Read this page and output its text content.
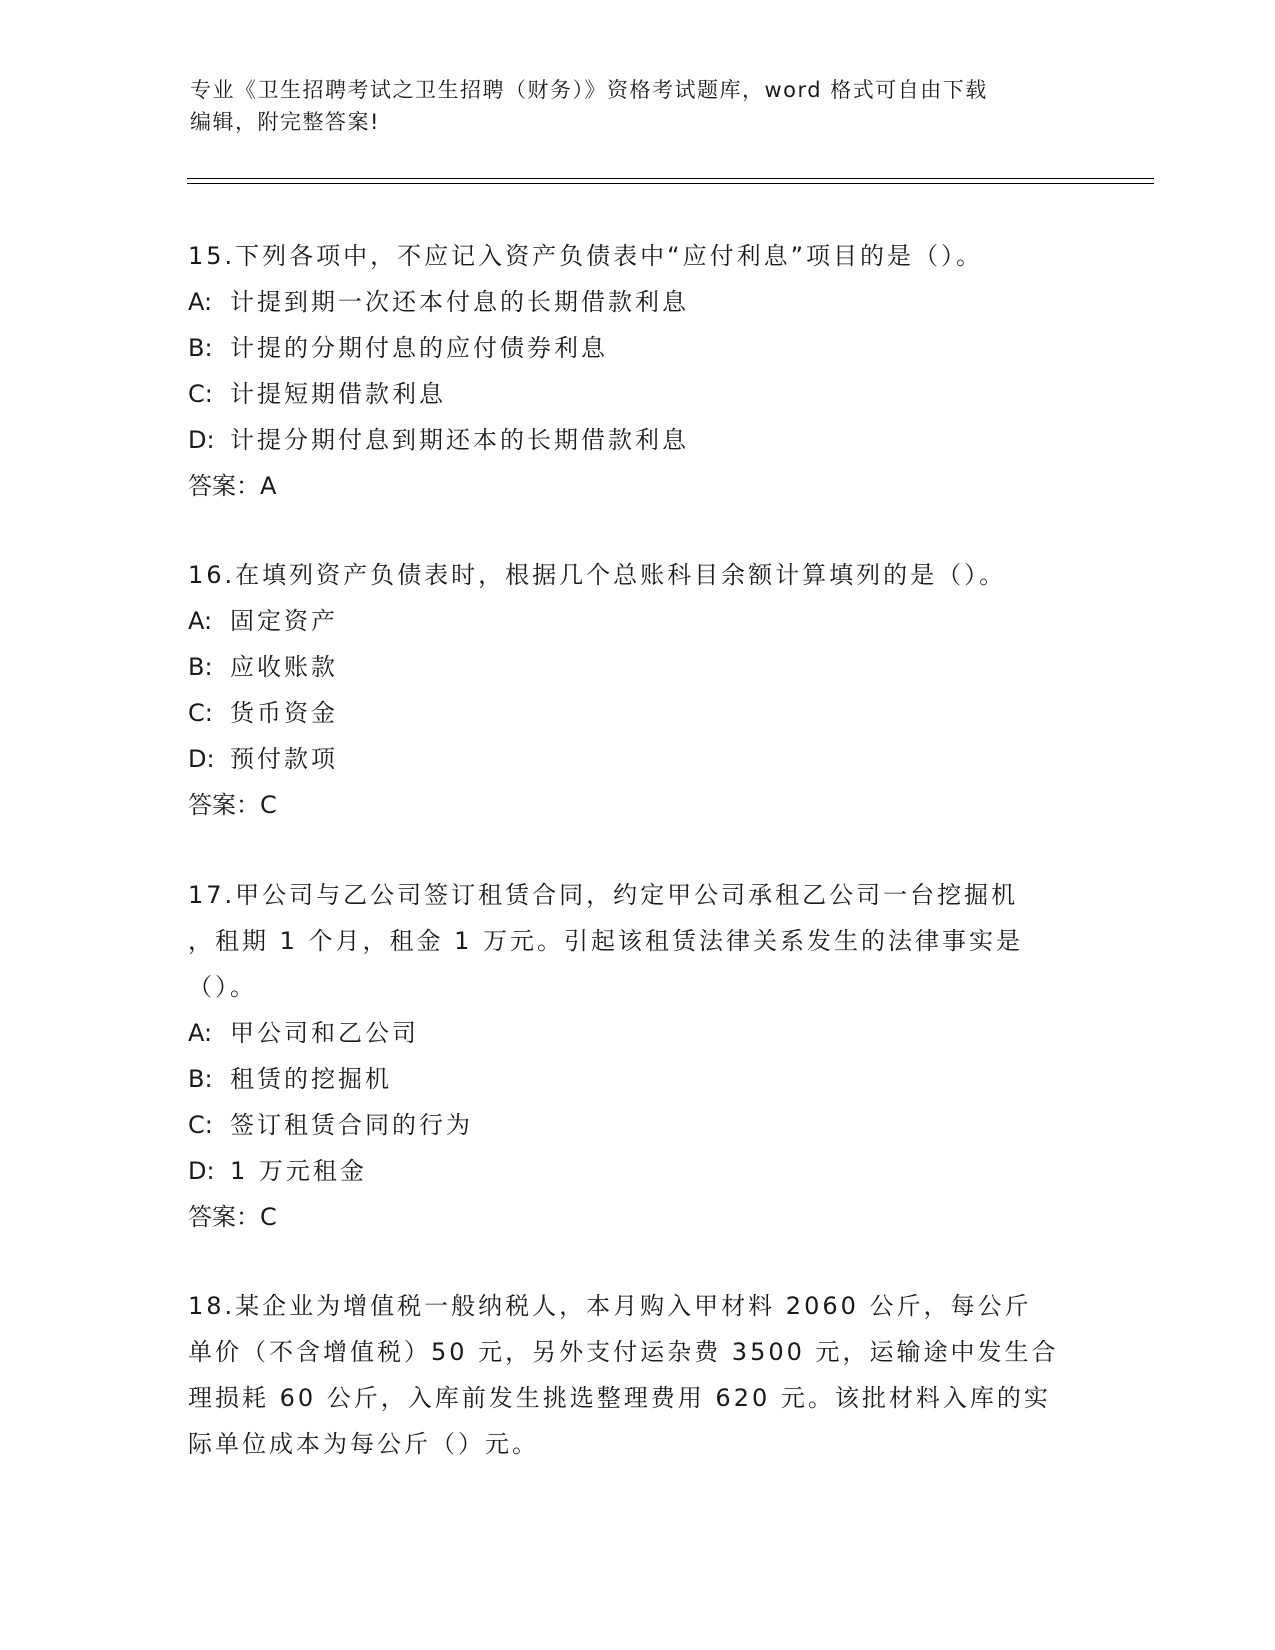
专业《卫生招聘考试之卫生招聘（财务）》资格考试题库，word 格式可自由下载
编辑，附完整答案!
15.下列各项中，不应记入资产负债表中“应付利息”项目的是（）。
A: 计提到期一次还本付息的长期借款利息
B: 计提的分期付息的应付债券利息
C: 计提短期借款利息
D: 计提分期付息到期还本的长期借款利息
答案：A
16.在填列资产负债表时，根据几个总账科目余额计算填列的是（）。
A: 固定资产
B: 应收账款
C: 货币资金
D: 预付款项
答案：C
17.甲公司与乙公司签订租赁合同，约定甲公司承租乙公司一台挖掘机
，租期 1 个月，租金 1 万元。引起该租赁法律关系发生的法律事实是
（）。
A: 甲公司和乙公司
B: 租赁的挖掘机
C: 签订租赁合同的行为
D: 1 万元租金
答案：C
18.某企业为增值税一般纳税人，本月购入甲材料 2060 公斤，每公斤
单价（不含增值税）50 元，另外支付运杂费 3500 元，运输途中发生合
理损耗 60 公斤，入库前发生挑选整理费用 620 元。该批材料入库的实
际单位成本为每公斤（）元。
